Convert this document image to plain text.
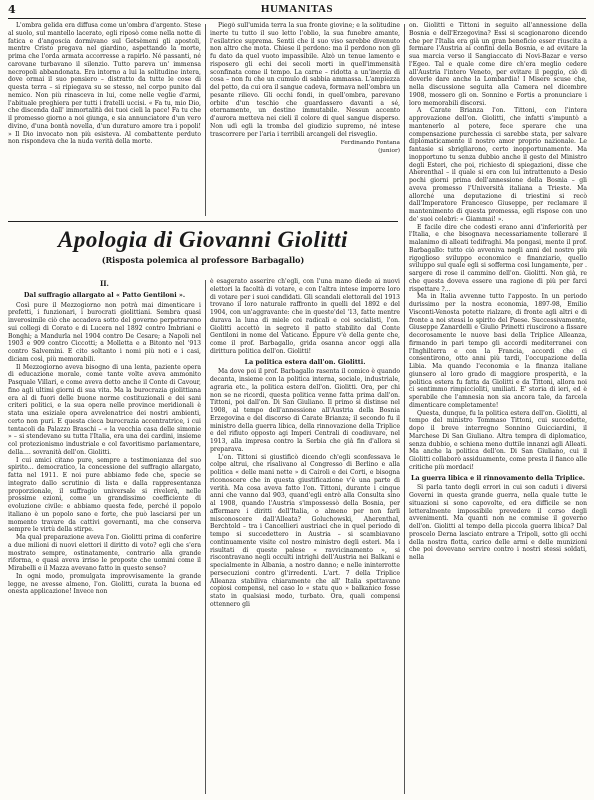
4	HUMANITAS

L'ombra gelida era diffusa come un'ombra d'argento. Stese al suolo, sul mantello lacerato, egli riposò come nella notte di fatica e d'angoscia dormivano sul Getsèmeni gli apostoli, mentre Cristo pregava nel giardino, aspettando la morte, prima che l'orda armata accorresse a rapirlo. Né passanti, né carovane turbavano il silenzio. Tutto pareva un' immensa necropoli abbandonata. Era intorno a lui la solitudine intera, dove ormai il suo pensiero – distratto da tutte le cose di questa terra – si ripiegava su se stesso, nel corpo punito dal nemico. Non più rinasceva in lui, come nelle veglie d'armi, l'abituale preghiera per tutti i fratelli uccisi. « Fa tu, mio Dio, che discenda dall' immortalità dei tuoi cieli la pace! Fa tu che il promesso giorno a noi giunga, e sia annunciatore d'un vero divino, d'una bontà novella, d'un duraturo amore tra i popoli! » Il Dio invocato non più esisteva. Al combattente perduto non rispondeva che la nuda verità della morte.

Piegò sull'umida terra la sua fronte giovine; e la solitudine inerte tu tutto il suo letto l'oblio, la sua funebre amante, l'esilatrice suprema. Sentii che il suo viso sarebbe divenuto non altro che mota. Chiese il perdono: ma il perdono non gli fu dato da quel vuoto impassibile. Alzò un tenue lamento e risposero gli echi dei secoli morti in quell'immensità sconfinata come il tempo. La carne – ridotta a un'inerzia di cosa – non fu che un cumulo di sabbia ammassa. L'ampiezza del petto, da cui ora il sangue cadeva, formava nell'ombra un pesante rilievo. Gli occhi fondi, in quell'ombra, parevano orbite d'un teschio che guardassero davanti a sé, eternamente, un destino immutabile. Nessun accento d'aurora metteva nei cieli il colore di quel sangue disperso. Non udì egli la tromba del giudizio supremo, né intese trascorrere per l'aria i terribili arcangeli del risveglio.

Ferdinando Fontana
(junior)
Apologia di Giovanni Giolitti
(Risposta polemica al professore Barbagallo)
II.
Dal suffragio allargato al « Patto Gentiloni ».

Così pure il Mezzogiorno non potrà mai dimenticare i prefetti, i funzionari, i burocrati giolittiani. Sembra quasi inverosimile ciò che accadeva sotto del governo perpetrarono sui collegi di Corato e di Lucera nel 1892 contro Imbriani e Bonghi; a Mandurla nel 1904 contro De Cesare; a Napoli nel 1903 e 909 contro Ciccotti; a Molletta e a Bitonto nel '913 contro Salvemini. E cito soltanto i nomi più noti e i casi, diciam così, più memorabili.

Il Mezzogiorno aveva bisogno di una lenta, paziente opera di educazione morale, come tante volte aveva ammonito Pasquale Villari, e come aveva detto anche il Conte di Cavour, fino agli ultimi giorni di sua vita. Ma la burocrazia giolittiana era al di fuori delle buone norme costituzionali e dei sani criteri politici, e la sua opera nelle province meridionali è stata una esiziale opera avvelenatrice dei nostri ambienti, certo non puri. E questa cieca burocrazia accentratrice, i cui tentacoli da Palazzo Braschi – « la vecchia casa delle simonie » – si stendevano su tutta l'Italia, era una dei cardini, insieme col protezionismo industriale e col favoritismo parlamentare, della.... sovranità dell'on. Giolitti.

I cui amici citano pure, sempre a testimonianza del suo spirito... democratico, la concessione del suffragio allargato, fatta nel 1911. E noi pure abbiamo fede che, specie se integrato dallo scrutinio di lista e dalla rappresentanza proporzionale, il suffragio universale si rivelerà, nelle prossime ezioni, come un grandissimo coefficiente di evoluzione civile: e abbiamo questa fede, perché il popolo italiano è un popolo sano e forte, che può lasciarsi per un momento travare da cattivi governanti, ma che conserva sempre le virtù della stirpe.

Ma qual preparazione aveva l'on. Giolitti prima di conferire a due milioni di nuovi elettori il diritto di voto? egli che s'era mostrato sempre, ostinatamente, contrario alla grande riforma, e quasi aveva irriso le proposte che uomini come il Mirabelli e il Mazza avevano fatto in questo senso?

In ogni modo, promulgata improvvisamente la grande legge, ne avesse almeno, l'on. Giolitti, curata la buona ed onesta applicazione! Invece non

è esagerato asserire ch'egli, con l'una mano diede ai nuovi elettori la facoltà di votare, e con l'altra intese imporre loro di votare per i suoi candidati. Gli scandali elettorali del 1913 trovano il loro naturale raffronto in quelli del 1892 e del 1904, con un'aggravante: che in queste'del '13, fatte mentre durava la luna di miele coi radicali e coi socialisti, l'on. Giolitti accettò in segreto il patto stabilito dal Conte Gentiloni in nome del Vaticano. Eppure v'è della gente che, come il prof. Barbagallo, grida osanna ancor oggi alla dirittura politica dell'on. Giolitti!

La politica estera dall'on. Giolitti.

Ma dove poi il prof. Barbagallo rasenta il comico è quando decanta, insieme con la politica interna, sociale, industriale, agraria etc., la politica estera dell'on. Giolitti. Ora, per chi non se ne ricordi, questa politica venne fatta prima dall'on. Tittoni, poi dall'on. Di San Giuliano. Il primo si distinse nel 1908, al tempo dell'annessione all'Austria della Bosnia Erzegovina e del discorso di Carate Brianza; il secondo fu il ministro della guerra libica, della rinnovazione della Triplice e del rifiuto opposto agi Imperi Centrali di coadiuvare, nel 1913, alla impresa contro la Serbia che già fin d'allora si preparava.

L'on. Tittoni si giustificò dicendo ch'egli sconfessava le colpe altrui, che risalivano al Congresso di Berlino e alla politica « delle mani nette » di Cairoli e dei Corti, e bisogna riconoscere che in questa giustificazione v'è una parte di verità. Ma cosa aveva fatto l'on. Tittoni, durante i cinque anni che vanno dal 903, quand'egli entrò alla Consulta sino al 1908, quando l'Austria s'impossessò della Bosnia, per affermare i diritti dell'Italia, o almeno per non farli misconoscere dall'Alleata? Goluchowski, Aherenthal, Berchtold – tra i Cancellieri austriaci che in quel periodo di tempo si succedettero in Austria – si scambiavano continuamente visite col nostro ministro degli esteri. Ma i risultati di queste palese « ravvicinamento », si riscontravano negli occulti intrighi dell'Austria nei Balkani e specialmente in Albania, a nostro danno; e nelle ininterrotte persecuzioni contro gl'irredenti. L'art. 7 della Triplice Alleanza stabiliva chiaramente che all' Italia spettavano copiosi compensi, nel caso lo « statu quo » balkanico fosse stato in qualsiasi modo, turbato. Ora, quali compensi ottennero gli

on. Giolitti e Tittoni in seguito all'annessione della Bosnia e dell'Erzegovina? Essi si scagionarono dicendo che per l'Italia era già un gran beneficio esser riuscita a fermare l'Austria ai confini della Bosnia, e ad evitare la sua marcia verso il Sangiaccato di Novi-Bazar e verso l'Egeo. Tal e quale come dire ch'era meglio cedere all'Austria l'intero Veneto, per evitare il peggio, ciò di doverle dare anche la Lombardia! I Misere scuse che, nella discussione seguita alla Camera nel dicembre 1908, mossero gli on. Sonnino e Fortis a pronunciare i loro memorabili discorsi.

A Carate Brianza l'on. Tittoni, con l'intera approvazione dell'on. Giolitti, che infatti s'impuntò a mantenerlo al potere, fece sperare che una compensazione purchessia ci sarebbe stata, per salvare diplomaticamente il nostro amor proprio nazionale. Le fantasie si sbrigliarono, certo inopportunamente. Ma inopportuno tu senza dubbio anche il gesto del Ministro degli Esteri, che poi, richiesto di spiegazioni, disse che Aherenthal – il quale si era con lui intrattenuto a Desio pochi giorni prima dell'annessione della Bosnia – gli aveva promesso l'Università italiana a Trieste. Ma allorché una deputazione di triestini si recò dall'Imperatore Francesco Giuseppe, per reclamare il mantenimento di questa promessa, egli rispose con uno de' suoi celebri: « Giammai! ».

E facile dire che codesti erano anni d'inferiorità per l'Italia, e che bisognava necessariamente tollerare il malanimo di alleati tedifraghi. Ma pongasi, mente il prof. Barbagallo: tutto ciò avveniva negli anni del nostro più rigoglioso sviluppo economico e finanziario, quello sviluppo sul quale egli si sofferma così lungamente, per . sargere di rose il cammino dell'on. Giolitti. Non già, re che questa doveva essere una ragione di più per farci rispettare ?...

Ma in Italia avvenne tutto l'apposto. In un periodo durissimo per la nostra economia, 1897-98, Emilio Visconti-Venosta potette rialzare, di fronte agli altri e di fronte a noi stessi lo spirito del Paese. Successivamente, Giuseppe Zanardelli e Giulio Prinetti riuscirono a fissare decorosamente le nuove basi della Triplice Alleanza, firmando in pari tempo gli accordi mediterranei con l'Inghilterra e con la Francia, accordi che ci consentirono, otto anni più tardi, l'occupazione della Libia. Ma quando l'economia e la finanza italiane giunsero al loro grado di maggiore prosperità, e la politica estera fu fatta da Giolitti e da Tittoni, allora noi ci sentimmo rimpiccioliti, umiliati. E' storia di ieri, ed è sperabile che l'amnesia non sia ancora tale, da farcela dimenticare completamente!

Questa, dunque, fu la politica estera dell'on. Giolitti, al tempo del ministro Tommaso Tittoni, cui succedette, dopo il breve interregno Sonnino Guicciardini, il Marchese Di San Giuliano. Altra tempra di diplomatico, senza dubbio, e schiena meno duttile innanzi agli Alleati. Ma anche la politica dell'on. Di San Giuliano, cui il Giolitti collaborò assiduamente, come presta il fianco alle critiche più mordaci!

La guerra libica e il rinnovamento della Triplice.

Si parla tanto degli errori in cui son caduti i diversi Governi in questa grande guerra, nella quale tutte le situazioni si sono capovolte, ed era difficile se non letteralmente impossibile prevedere il corso degli avvenimenti. Ma quanti non ne commise il governo dell'on. Giolitti al tempo della piccola guerra libica? Dal proscelo Derna lasciato entrare a Tripoli, sotto gli occhi della nostra flotta, carico delle armi e delle munizioni che poi dovevano servire contro i nostri stessi soldati, nella
